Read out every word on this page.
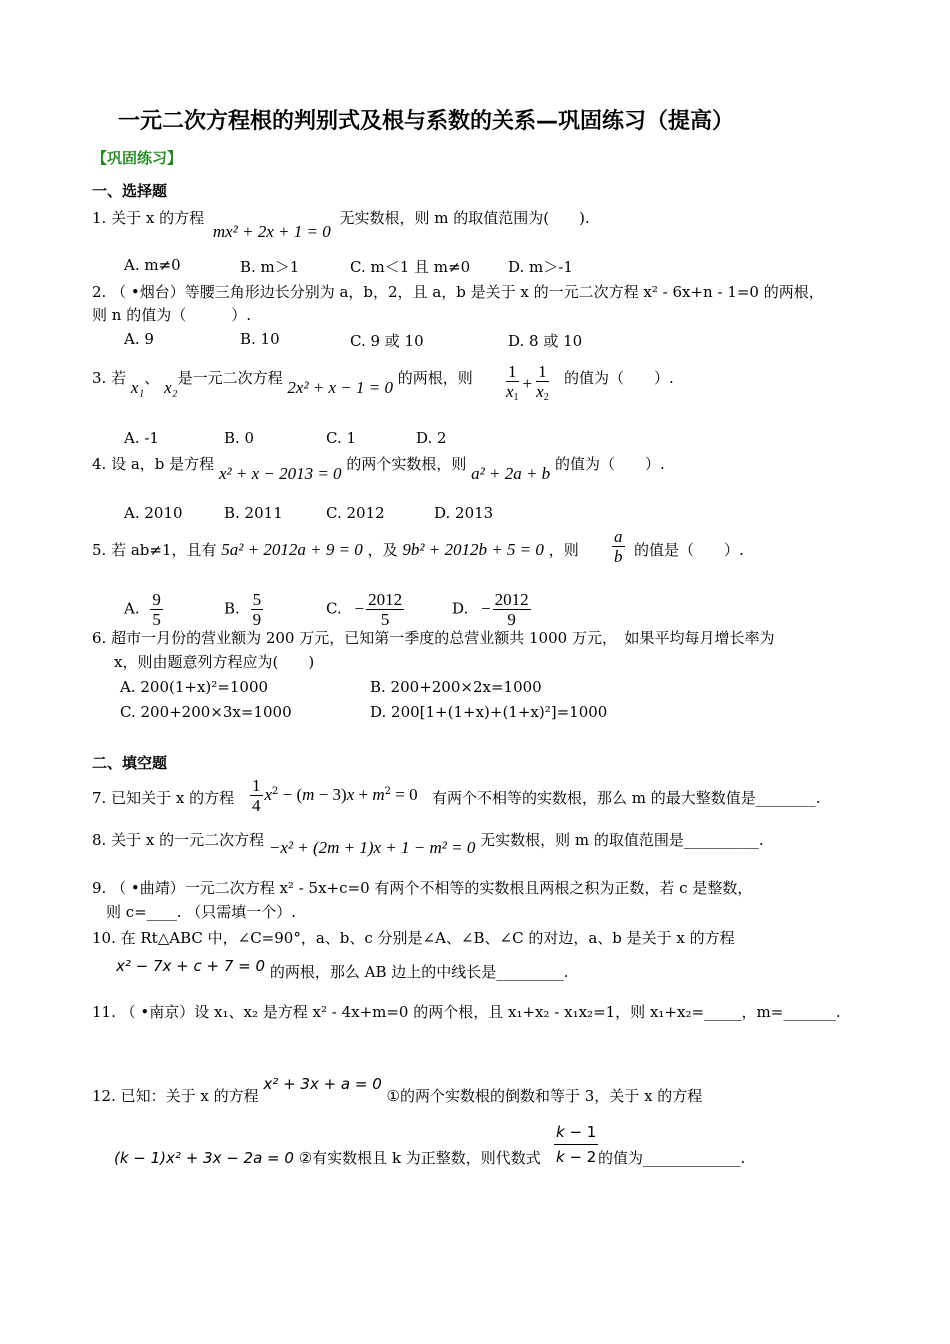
一元二次方程根的判别式及根与系数的关系—巩固练习（提高）
【巩固练习】
一、选择题
1. 关于 x 的方程 mx² + 2x + 1 = 0 无实数根，则 m 的取值范围为(　　).
A. m≠0	B. m＞1	C. m＜1 且 m≠0	D. m＞-1
2. （ •烟台）等腰三角形边长分别为 a，b，2，且 a，b 是关于 x 的一元二次方程 x² - 6x+n - 1=0 的两根，
则 n 的值为（　　　）.
A. 9	B. 10	C. 9 或 10	D. 8 或 10
3. 若 x₁、 x₂是一元二次方程 2x² + x − 1 = 0 的两根，则 $\frac{1}{x_1} + \frac{1}{x_2}$ 的值为（　　）.
A. -1	B. 0	C. 1	D. 2
4. 设 a，b 是方程 x² + x − 2013 = 0 的两个实数根，则 a² + 2a + b 的值为（　　）.
A. 2010	B. 2011	C. 2012	D. 2013
5. 若 ab≠1，且有 5a² + 2012a + 9 = 0 ，及 9b² + 2012b + 5 = 0 ，则 $\frac{a}{b}$ 的值是（　　）.
A. $\frac{9}{5}$	B. $\frac{5}{9}$	C. − $\frac{2012}{5}$	D. − $\frac{2012}{9}$
6. 超市一月份的营业额为 200 万元，已知第一季度的总营业额共 1000 万元，　如果平均每月增长率为
x，则由题意列方程应为(　　)
A. 200(1+x)²=1000	B. 200+200×2x=1000
C. 200+200×3x=1000	D. 200[1+(1+x)+(1+x)²]=1000
二、填空题
7. 已知关于 x 的方程 $\frac{1}{4} x^2 - (m - 3)x + m^2 = 0$ 有两个不相等的实数根，那么 m 的最大整数值是________.
8. 关于 x 的一元二次方程 −x² + (2m + 1)x + 1 − m² = 0 无实数根，则 m 的取值范围是__________.
9. （ •曲靖）一元二次方程 x² - 5x+c=0 有两个不相等的实数根且两根之积为正数，若 c 是整数，
则 c=____. （只需填一个）.
10. 在 Rt△ABC 中，∠C=90°，a、b、c 分别是∠A、∠B、∠C 的对边，a、b 是关于 x 的方程
x² − 7x + c + 7 = 0 的两根，那么 AB 边上的中线长是_________.
11. （ •南京）设 x₁、x₂ 是方程 x² - 4x+m=0 的两个根，且 x₁+x₂ - x₁x₂=1，则 x₁+x₂=_____，m=_______.
12. 已知：关于 x 的方程 x² + 3x + a = 0 ①的两个实数根的倒数和等于 3，关于 x 的方程
(k − 1)x² + 3x − 2a = 0 ②有实数根且 k 为正整数，则代数式 $\frac{k - 1}{k - 2}$ 的值为_____________.
